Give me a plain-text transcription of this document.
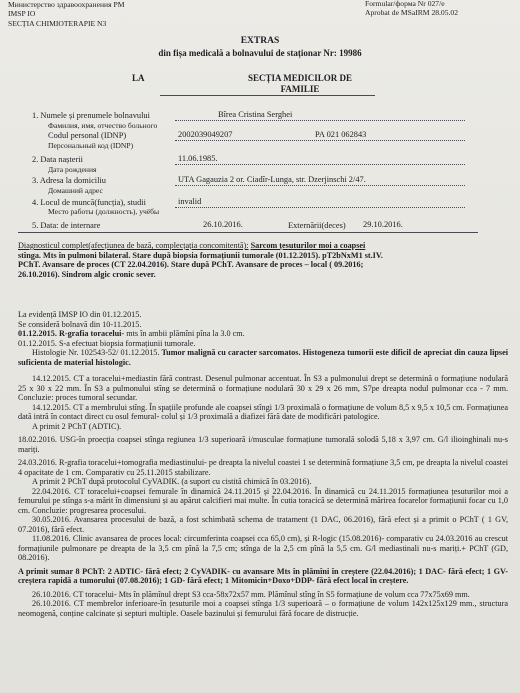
Министерство здравоохранения РМ
IMSP IO
SECȚIA CHIMIOTERAPIE N3
Formular/форма Nr 027/e
Aprobat de MSaIRM 28.05.02
EXTRAS
din fișa medicală a bolnavului de staționar Nr: 19986
LA	SECȚIA MEDICILOR DE
FAMILIE
1. Numele și prenumele bolnavului	Bîrea Cristina Serghei
Фамилия, имя, отчество больного
Codul personal (IDNP)	2002039049207	PA 021 062843
Персональный код (IDNP)
2. Data nașterii	11.06.1985.
Дата рождения
3. Adresa la domiciliu	UTA Gagauzia 2 or. Ciadîr-Lunga, str. Dzerjinschi 2/47.
Домашний адрес
4. Locul de muncă(funcția), studii	invalid
Место работы (должность), учёбы
5. Data: de internare	26.10.2016.	Externării(deces) 29.10.2016.

Diagnosticul complet(afecțiunea de bază, complecțația concomitentă): Sarcom țesuturilor moi a coapsei

stînga. Mts în pulmoni bilateral. Stare după biopsia formațiunii tumorale (01.12.2015). pT2bNxM1 st.IV.

PChT. Avansare de proces (CT 22.04.2016). Stare după PChT. Avansare de proces – local ( 09.2016;

26.10.2016). Sindrom algic cronic sever.

La evidență IMSP IO din 01.12.2015.

Se consideră bolnavă din 10-11.2015.

01.12.2015. R-grafia toracelui- mts în ambii plămîni pîna la 3.0 cm.

01.12.2015. S-a efectuat biopsia formațiunii tumorale.

Histologie Nr. 102543-52/ 01.12.2015. Tumor malignă cu caracter sarcomatos. Histogeneza tumorii este dificil de apreciat din cauza lipsei suficienta de material histologic.

14.12.2015. CT a toracelui+mediastin fără contrast. Desenul pulmonar accentuat. În S3 a pulmonului drept se determină o formațiune nodulară 25 x 30 x 22 mm. În S3 a pulmonului stîng se determină o formațiune nodulară 30 x 29 x 26 mm, S7pe dreapta nodul pulmonar cca - 7 mm. Concluzie: proces tumoral secundar.

14.12.2015. CT a membrului stîng. În spațiile profunde ale coapsei stîngi 1/3 proximală o formațiune de volum 8,5 x 9,5 x 10,5 cm. Formațiunea dată intră în contact direct cu osul femural- colul și 1/3 proximală a diafizei fără date de modificări patologice.

A primit 2 PChT (ADTIC).

18.02.2016. USG-în proecția coapsei stînga regiunea 1/3 superioară i/musculae formațiune tumorală solodă 5,18 x 3,97 cm. G/l ilioinghinali nu-s mariți.

24.03.2016. R-grafia toracelui+tomografia mediastinului- pe dreapta la nivelul coastei 1 se determină formațiune 3,5 cm, pe dreapta la nivelul coastei 4 opacitate de 1 cm. Comparativ cu 25.11.2015 stabilizare.

A primit 2 PChT după protocolul CyVADIK. (a suport cu cistită chimică în 03.2016).

22.04.2016. CT toracelui+coapsei femurale în dinamică 24.11.2015 și 22.04.2016. În dinamică cu 24.11.2015 formațiunea țesuturilor moi a femurului pe stînga s-a mărit în dimensiuni și au apărut calcifieri mai multe. În cutia toracică se determină mărirea focarelor formațiunii focar cu 1,0 cm. Concluzie: progresarea procesului.

30.05.2016. Avansarea procesului de bază, a fost schimbată schema de tratament (1 DAC, 06.2016), fără efect și a primit o PChT ( 1 GV, 07.2016), fără efect.

11.08.2016. Clinic avansarea de proces local: circumferinta coapsei cca 65,0 cm), și R-logic (15.08.2016)- comparativ cu 24.03.2016 au crescut formațiunile pulmonare pe dreapta de la 3,5 cm pînă la 7,5 cm; stînga de la 2,5 cm pînă la 5,5 cm. G/l mediastinali nu-s mariți.+ PChT (GD, 08.2016).

A primit sumar 8 PChT: 2 ADTIC- fără efect; 2 CyVADIK- cu avansare Mts în plămîni în creștere (22.04.2016); 1 DAC- fără efect; 1 GV- creștera rapidă a tumorului (07.08.2016); 1 GD- fără efect; 1 Mitomicin+Doxo+DDP- fără efect local în creștere.

26.10.2016. CT toracelui- Mts în plămînul drept S3 cca-58x72x57 mm. Plămînul stîng în S5 formațiune de volum cca 77x75x69 mm.

26.10.2016. CT membrelor inferioare-în țesuturile moi a coapsei stînga 1/3 superioară – o formațiune de volum 142x125x129 mm., structura neomogenă, conține calcinate și septuri multiple. Oasele bazinului și femurului fără focare de distrucție.
